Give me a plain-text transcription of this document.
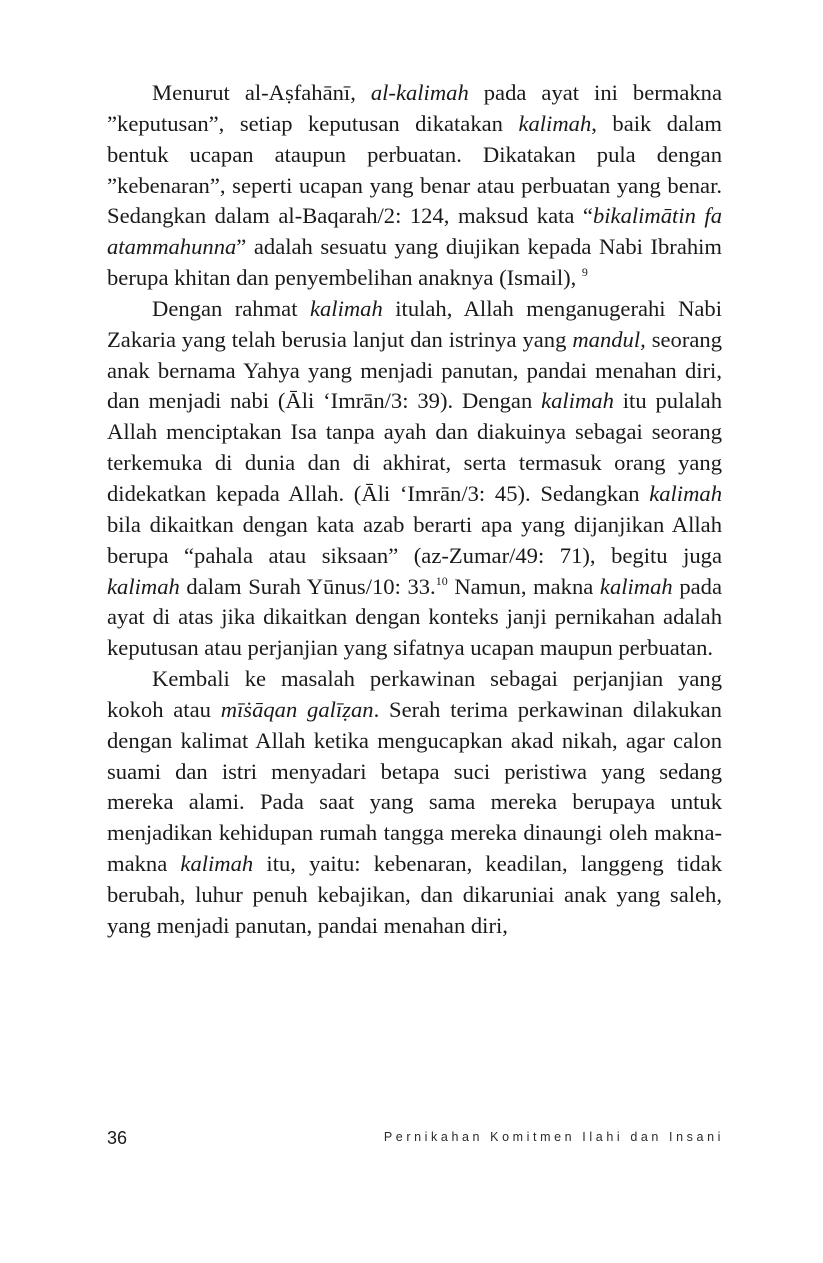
Menurut al-Aṣfahānī, al-kalimah pada ayat ini bermakna ”keputusan”, setiap keputusan dikatakan kalimah, baik dalam bentuk ucapan ataupun perbuatan. Dikatakan pula dengan ”kebenaran”, seperti ucapan yang benar atau perbuatan yang benar. Sedangkan dalam al-Baqarah/2: 124, maksud kata “bikalimātin fa atammahunna” adalah sesuatu yang diujikan kepada Nabi Ibrahim berupa khitan dan penyembelihan anaknya (Ismail), $^9$

Dengan rahmat kalimah itulah, Allah menganugerahi Nabi Zakaria yang telah berusia lanjut dan istrinya yang mandul, seorang anak bernama Yahya yang menjadi panutan, pandai menahan diri, dan menjadi nabi (Āli ‘Imrān/3: 39). Dengan kalimah itu pulalah Allah menciptakan Isa tanpa ayah dan diakuinya sebagai seorang terkemuka di dunia dan di akhirat, serta termasuk orang yang didekatkan kepada Allah. (Āli ‘Imrān/3: 45). Sedangkan kalimah bila dikaitkan dengan kata azab berarti apa yang dijanjikan Allah berupa “pahala atau siksaan” (az-Zumar/49: 71), begitu juga kalimah dalam Surah Yūnus/10: 33.10 Namun, makna kalimah pada ayat di atas jika dikaitkan dengan konteks janji pernikahan adalah keputusan atau perjanjian yang sifatnya ucapan maupun perbuatan.

Kembali ke masalah perkawinan sebagai perjanjian yang kokoh atau mīṡāqan galīẓan. Serah terima perkawinan dilakukan dengan kalimat Allah ketika mengucapkan akad nikah, agar calon suami dan istri menyadari betapa suci peristiwa yang sedang mereka alami. Pada saat yang sama mereka berupaya untuk menjadikan kehidupan rumah tangga mereka dinaungi oleh makna-makna kalimah itu, yaitu: kebenaran, keadilan, langgeng tidak berubah, luhur penuh kebajikan, dan dikaruniai anak yang saleh, yang menjadi panutan, pandai menahan diri,

36	Pernikahan Komitmen Ilahi dan Insani
